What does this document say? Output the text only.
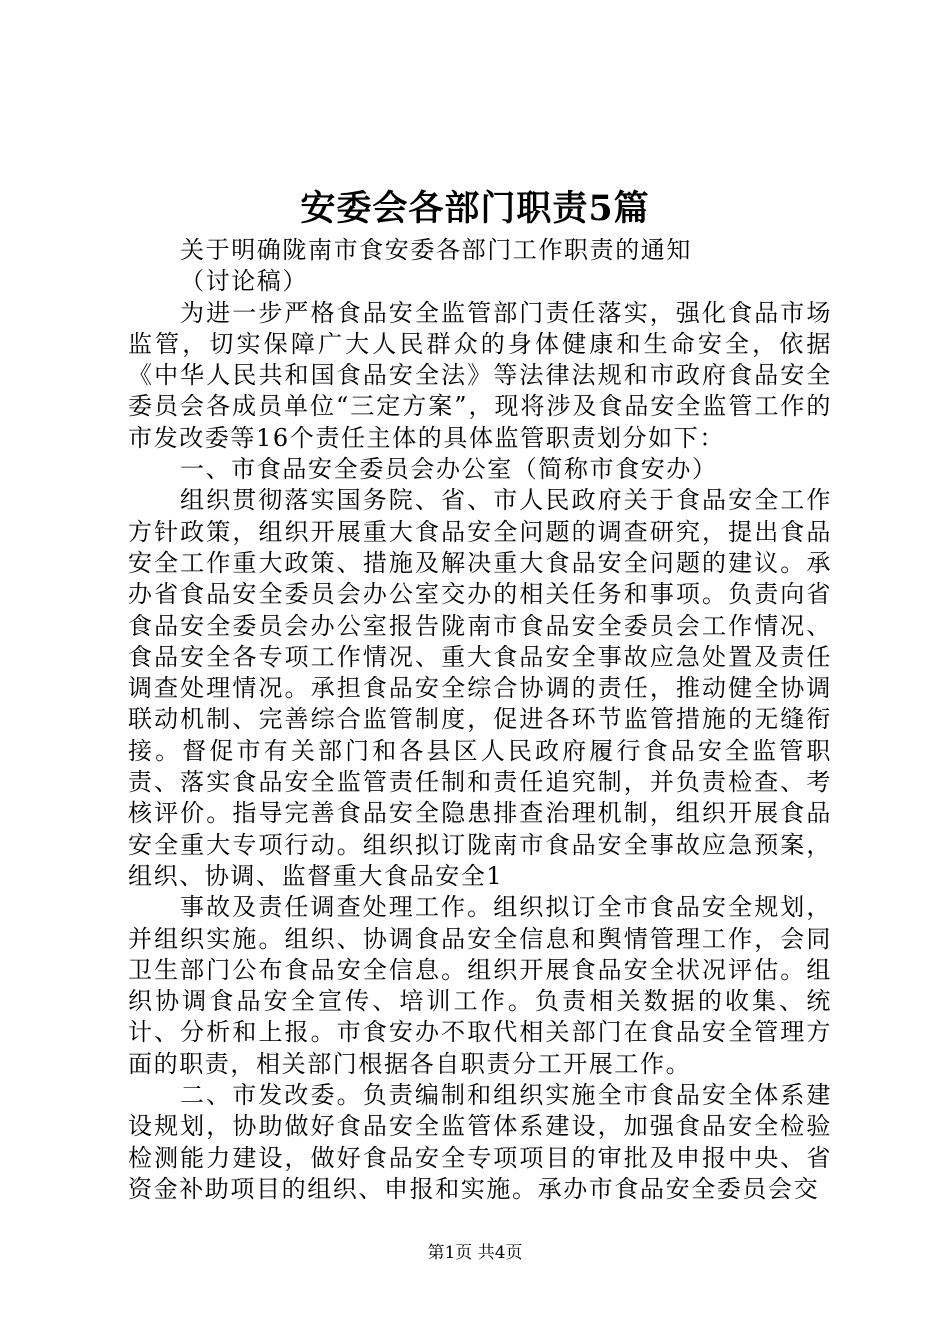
安委会各部门职责5篇

关于明确陇南市食安委各部门工作职责的通知

（讨论稿）

为进一步严格食品安全监管部门责任落实，强化食品市场监管，切实保障广大人民群众的身体健康和生命安全，依据《中华人民共和国食品安全法》等法律法规和市政府食品安全委员会各成员单位“三定方案”，现将涉及食品安全监管工作的市发改委等16个责任主体的具体监管职责划分如下：

一、市食品安全委员会办公室（简称市食安办）

组织贯彻落实国务院、省、市人民政府关于食品安全工作方针政策，组织开展重大食品安全问题的调查研究，提出食品安全工作重大政策、措施及解决重大食品安全问题的建议。承办省食品安全委员会办公室交办的相关任务和事项。负责向省食品安全委员会办公室报告陇南市食品安全委员会工作情况、食品安全各专项工作情况、重大食品安全事故应急处置及责任调查处理情况。承担食品安全综合协调的责任，推动健全协调联动机制、完善综合监管制度，促进各环节监管措施的无缝衔接。督促市有关部门和各县区人民政府履行食品安全监管职责、落实食品安全监管责任制和责任追究制，并负责检查、考核评价。指导完善食品安全隐患排查治理机制，组织开展食品安全重大专项行动。组织拟订陇南市食品安全事故应急预案，组织、协调、监督重大食品安全1

事故及责任调查处理工作。组织拟订全市食品安全规划，并组织实施。组织、协调食品安全信息和舆情管理工作，会同卫生部门公布食品安全信息。组织开展食品安全状况评估。组织协调食品安全宣传、培训工作。负责相关数据的收集、统计、分析和上报。市食安办不取代相关部门在食品安全管理方面的职责，相关部门根据各自职责分工开展工作。

二、市发改委。负责编制和组织实施全市食品安全体系建设规划，协助做好食品安全监管体系建设，加强食品安全检验检测能力建设，做好食品安全专项项目的审批及申报中央、省资金补助项目的组织、申报和实施。承办市食品安全委员会交

第1页 共4页
